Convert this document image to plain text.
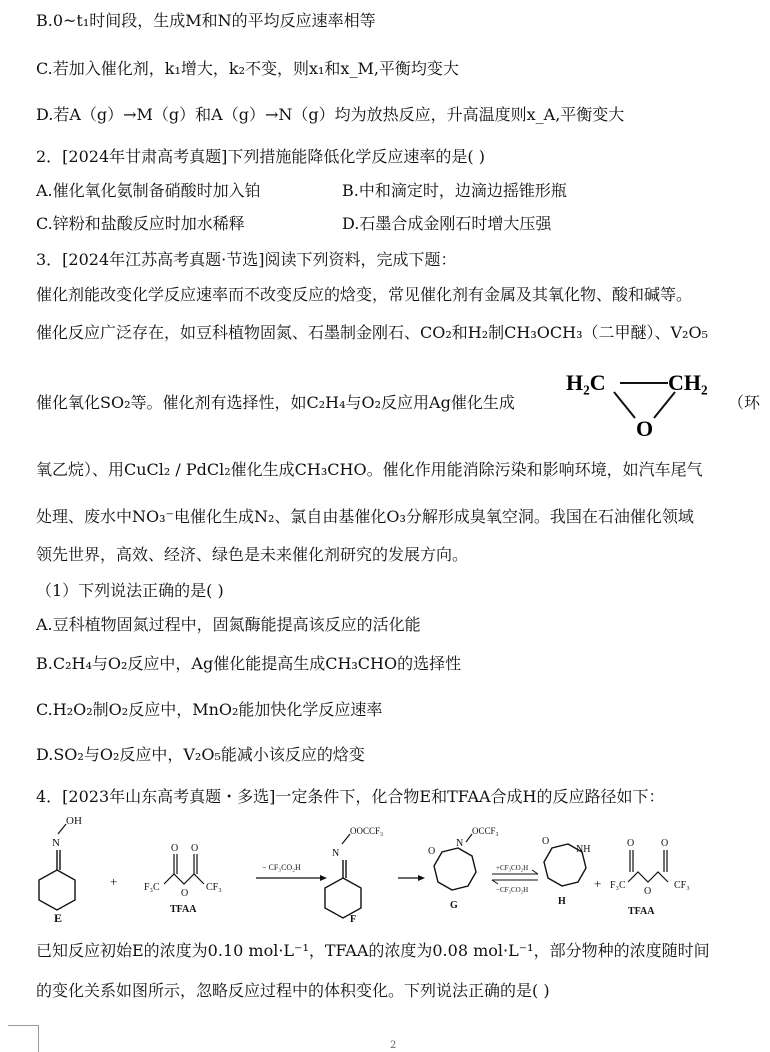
B.0~t₁时间段，生成M和N的平均反应速率相等
C.若加入催化剂，k₁增大，k₂不变，则x₁和x_M,平衡均变大
D.若A（g）→M（g）和A（g）→N（g）均为放热反应，升高温度则x_A,平衡变大
2．[2024年甘肃高考真题]下列措施能降低化学反应速率的是( )
A.催化氧化氨制备硝酸时加入铂	B.中和滴定时，边滴边摇锥形瓶
C.锌粉和盐酸反应时加水稀释	D.石墨合成金刚石时增大压强
3．[2024年江苏高考真题·节选]阅读下列资料，完成下题：
催化剂能改变化学反应速率而不改变反应的焓变，常见催化剂有金属及其氧化物、酸和碱等。
催化反应广泛存在，如豆科植物固氮、石墨制金刚石、CO₂和H₂制CH₃OCH₃（二甲醚）、V₂O₅
催化氧化SO₂等。催化剂有选择性，如C₂H₄与O₂反应用Ag催化生成	（环
H₂C	CH₂
O
氧乙烷）、用CuCl₂ / PdCl₂催化生成CH₃CHO。催化作用能消除污染和影响环境，如汽车尾气
处理、废水中NO₃⁻电催化生成N₂、氯自由基催化O₃分解形成臭氧空洞。我国在石油催化领域
领先世界，高效、经济、绿色是未来催化剂研究的发展方向。
（1）下列说法正确的是( )
A.豆科植物固氮过程中，固氮酶能提高该反应的活化能
B.C₂H₄与O₂反应中，Ag催化能提高生成CH₃CHO的选择性
C.H₂O₂制O₂反应中，MnO₂能加快化学反应速率
D.SO₂与O₂反应中，V₂O₅能减小该反应的焓变
4．[2023年山东高考真题・多选]一定条件下，化合物E和TFAA合成H的反应路径如下：
N
OH
E
+	F₃C
O O
O
CF₃
TFAA
− CF₃CO₂H
N
OOCCF₃
F
O
N
OCCF₃
G
+CF₃CO₂H
−CF₃CO₂H
O
NH
H
+ F₃C
O	O
O
CF₃
TFAA
已知反应初始E的浓度为0.10 mol·L⁻¹，TFAA的浓度为0.08 mol·L⁻¹，部分物种的浓度随时间
的变化关系如图所示，忽略反应过程中的体积变化。下列说法正确的是( )
2
